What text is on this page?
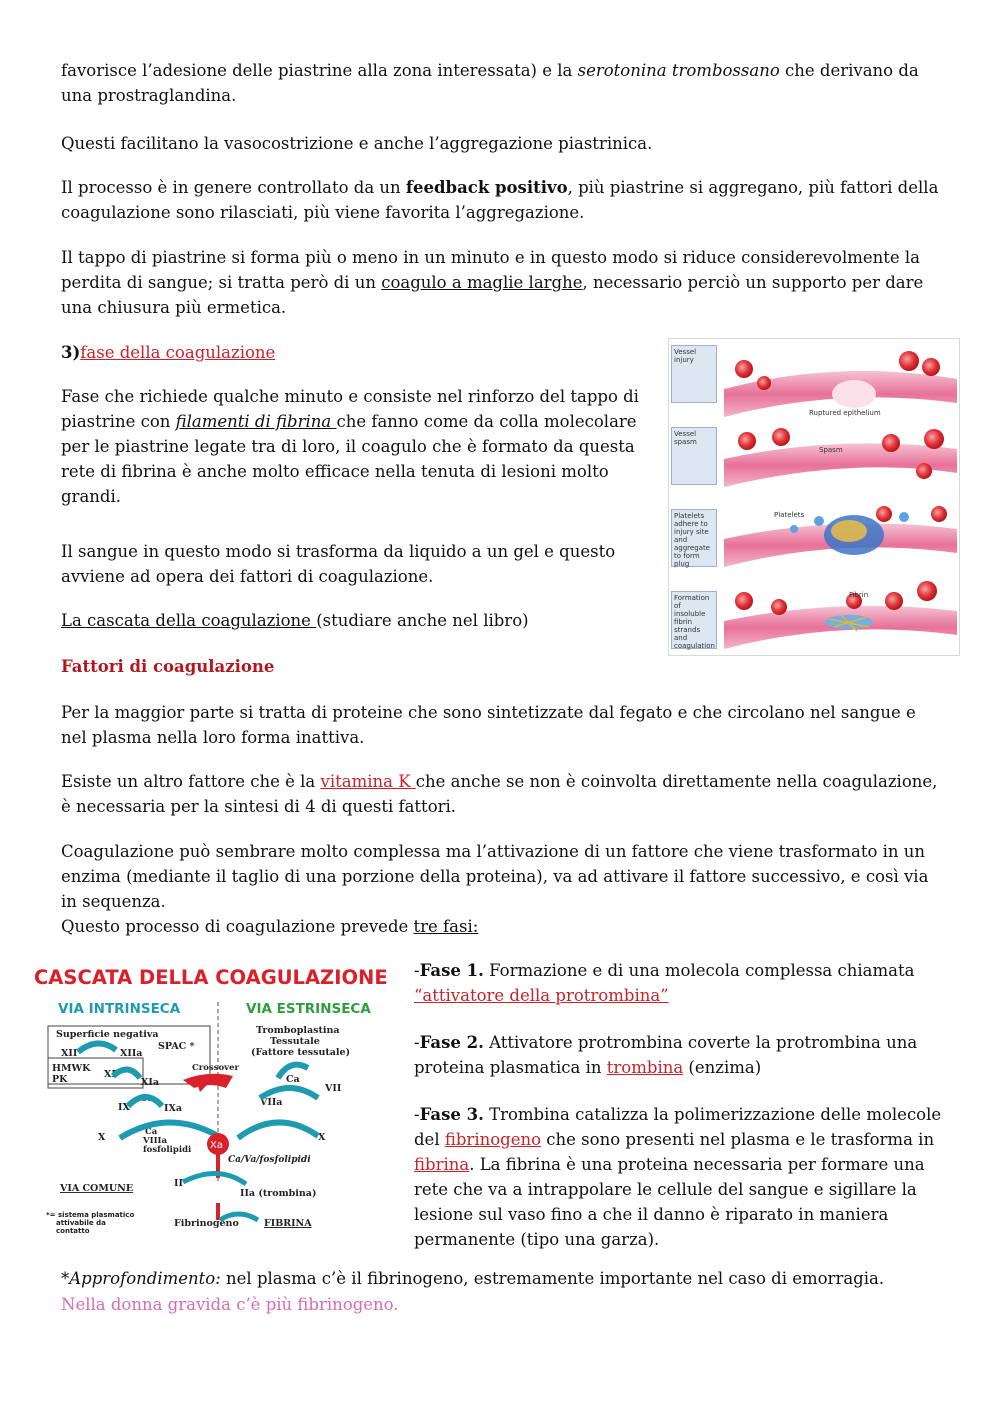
favorisce l’adesione delle piastrine alla zona interessata) e la serotonina trombossano che derivano da una prostraglandina.

Questi facilitano la vasocostrizione e anche l’aggregazione piastrinica.

Il processo è in genere controllato da un feedback positivo, più piastrine si aggregano, più fattori della coagulazione sono rilasciati, più viene favorita l’aggregazione.

Il tappo di piastrine si forma più o meno in un minuto e in questo modo si riduce considerevolmente la perdita di sangue; si tratta però di un coagulo a maglie larghe, necessario perciò un supporto per dare una chiusura più ermetica.

3)fase della coagulazione

Fase che richiede qualche minuto e consiste nel rinforzo del tappo di piastrine con filamenti di fibrina che fanno come da colla molecolare per le piastrine legate tra di loro, il coagulo che è formato da questa rete di fibrina è anche molto efficace nella tenuta di lesioni molto grandi.

Il sangue in questo modo si trasforma da liquido a un gel e questo avviene ad opera dei fattori di coagulazione.

La cascata della coagulazione (studiare anche nel libro)

Fattori di coagulazione

Per la maggior parte si tratta di proteine che sono sintetizzate dal fegato e che circolano nel sangue e nel plasma nella loro forma inattiva.

Esiste un altro fattore che è la vitamina K che anche se non è coinvolta direttamente nella coagulazione, è necessaria per la sintesi di 4 di questi fattori.

Coagulazione può sembrare molto complessa ma l’attivazione di un fattore che viene trasformato in un enzima (mediante il taglio di una porzione della proteina), va ad attivare il fattore successivo, e così via in sequenza.

Questo processo di coagulazione prevede tre fasi:

*Approfondimento: nel plasma c’è il fibrinogeno, estremamente importante nel caso di emorragia.

Nella donna gravida c’è più fibrinogeno.

Ruptured epithelium
Spasm
Platelets
Fibrin
Vessel injury
Vessel spasm
Platelets adhere to injury site and aggregate to form plug
Formation of insoluble fibrin strands and coagulation
CASCATA DELLA COAGULAZIONE
VIA INTRINSECA	VIA ESTRINSECA
Superficie negativa
XII	XIIa
SPAC *
HMWK
PK	XI
XIa
IX
Ca
IXa
Crossover
Tromboplastina
Tessutale
(Fattore tessutale)
Ca
VII
VIIa
X	X
Ca
VIIIa
fosfolipidi
Ca/Va/fosfolipidi
VIA COMUNE	II
IIa (trombina)
Fibrinogeno	FIBRINA
*= sistema plasmatico
attivabile da
contatto
Xa

-Fase 1. Formazione e di una molecola complessa chiamata “attivatore della protrombina”

-Fase 2. Attivatore protrombina coverte la protrombina una proteina plasmatica in trombina (enzima)

-Fase 3. Trombina catalizza la polimerizzazione delle molecole del fibrinogeno che sono presenti nel plasma e le trasforma in fibrina. La fibrina è una proteina necessaria per formare una rete che va a intrappolare le cellule del sangue e sigillare la lesione sul vaso fino a che il danno è riparato in maniera permanente (tipo una garza).
